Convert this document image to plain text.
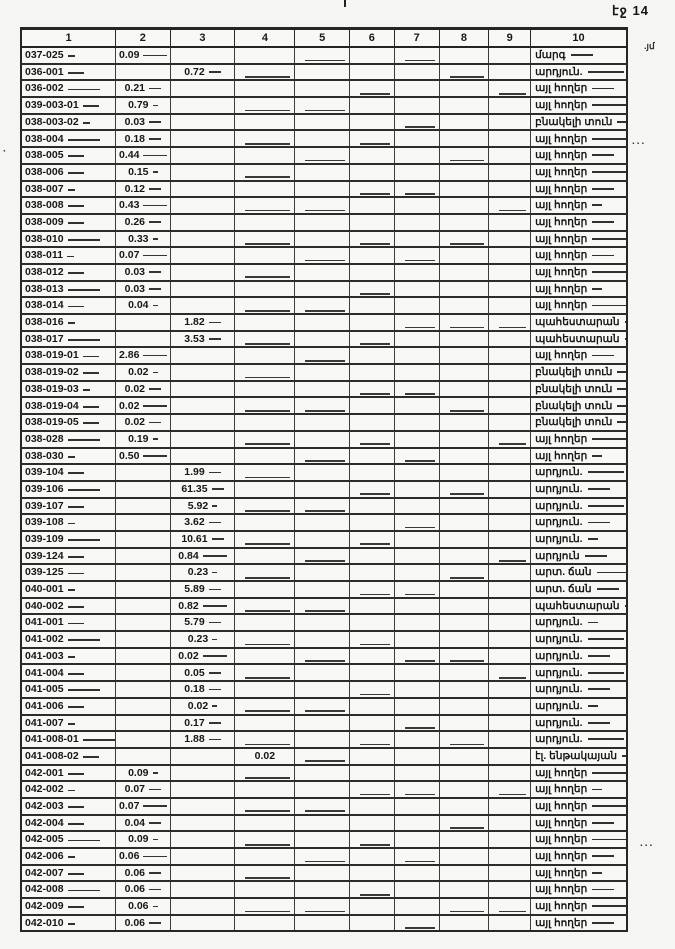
էջ 14
1	2	3	4	5	6	7	8	9	10
037-025	0.09								մարգ
036-001		0.72							արդյուն.
036-002	0.21								այլ հողեր
039-003-01	0.79								այլ հողեր
038-003-02	0.03								բնակելի տուն
038-004	0.18								այլ հողեր
038-005	0.44								այլ հողեր
038-006	0.15								այլ հողեր
038-007	0.12								այլ հողեր
038-008	0.43								այլ հողեր
038-009	0.26								այլ հողեր
038-010	0.33								այլ հողեր
038-011	0.07								այլ հողեր
038-012	0.03								այլ հողեր
038-013	0.03								այլ հողեր
038-014	0.04								այլ հողեր
038-016		1.82							պահեստարան
038-017		3.53							պահեստարան
038-019-01	2.86								այլ հողեր
038-019-02	0.02								բնակելի տուն
038-019-03	0.02								բնակելի տուն
038-019-04	0.02								բնակելի տուն
038-019-05	0.02								բնակելի տուն
038-028	0.19								այլ հողեր
038-030	0.50								այլ հողեր
039-104		1.99							արդյուն.
039-106		61.35							արդյուն.
039-107		5.92							արդյուն.
039-108		3.62							արդյուն.
039-109		10.61							արդյուն.
039-124		0.84							արդյուն
039-125		0.23							արտ. ճան
040-001		5.89							արտ. ճան
040-002		0.82							պահեստարան
041-001		5.79							արդյուն.
041-002		0.23							արդյուն.
041-003		0.02							արդյուն.
041-004		0.05							արդյուն.
041-005		0.18							արդյուն.
041-006		0.02							արդյուն.
041-007		0.17							արդյուն.
041-008-01		1.88							արդյուն.
041-008-02			0.02						էլ. ենթակայան
042-001	0.09								այլ հողեր
042-002	0.07								այլ հողեր
042-003	0.07								այլ հողեր
042-004	0.04								այլ հողեր
042-005	0.09								այլ հողեր
042-006	0.06								այլ հողեր
042-007	0.06								այլ հողեր
042-008	0.06								այլ հողեր
042-009	0.06								այլ հողեր
042-010	0.06								այլ հողեր
.յմ
...
...
·
